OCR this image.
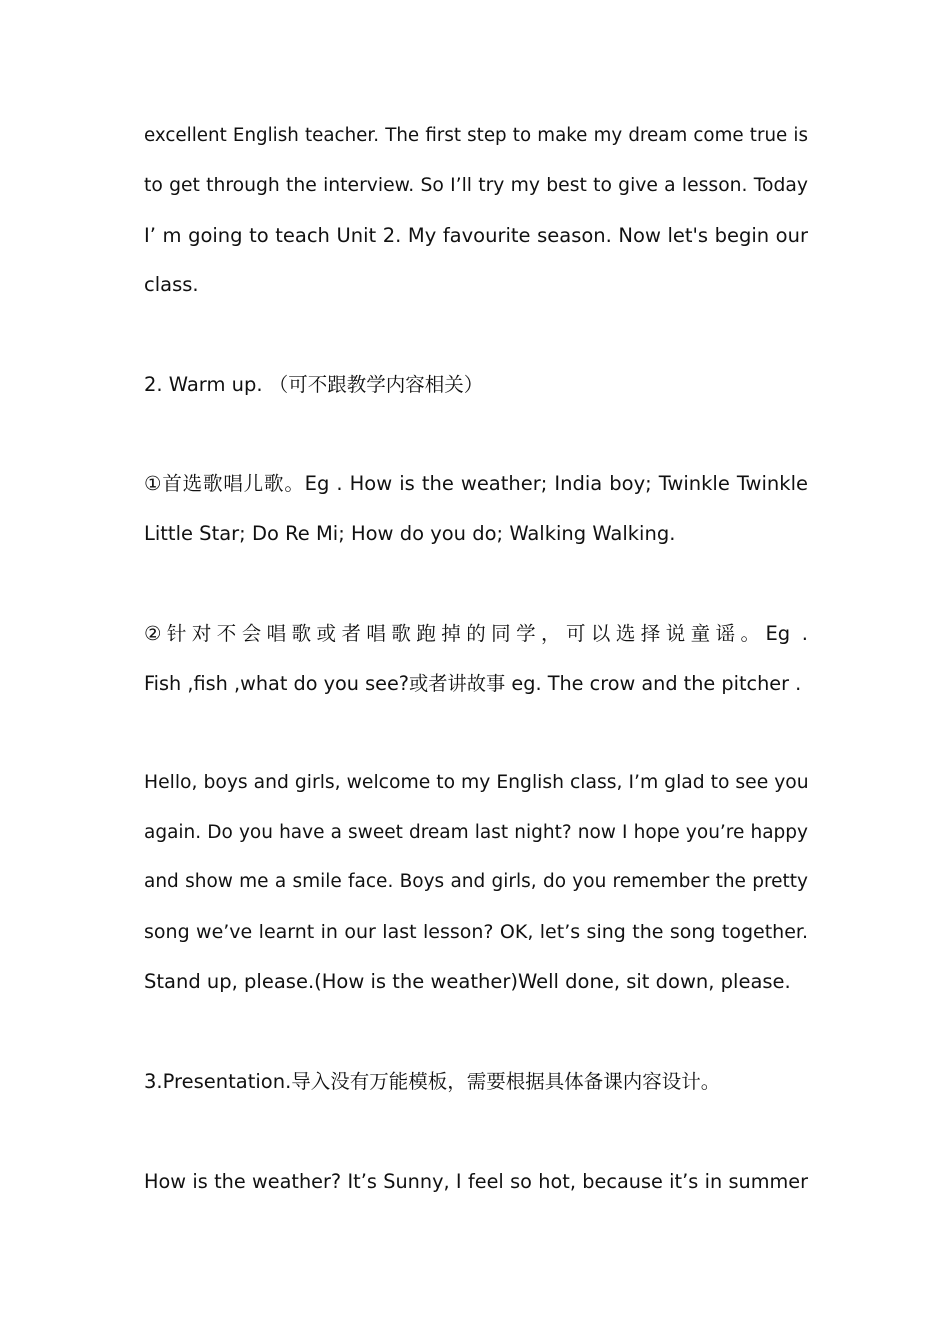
excellent English teacher. The first step to make my dream come true is
to get through the interview. So I’ll try my best to give a lesson. Today
I’ m going to teach Unit 2. My favourite season. Now let's begin our
class.
2. Warm up. （可不跟教学内容相关）
①首选歌唱儿歌。Eg . How is the weather; India boy; Twinkle Twinkle
Little Star; Do Re Mi; How do you do; Walking Walking.
②针对不会唱歌或者唱歌跑掉的同学，可以选择说童谣。Eg .
Fish ,fish ,what do you see?或者讲故事 eg. The crow and the pitcher .
Hello, boys and girls, welcome to my English class, I’m glad to see you
again. Do you have a sweet dream last night? now I hope you’re happy
and show me a smile face. Boys and girls, do you remember the pretty
song we’ve learnt in our last lesson? OK, let’s sing the song together.
Stand up, please.(How is the weather)Well done, sit down, please.
3.Presentation.导入没有万能模板，需要根据具体备课内容设计。
How is the weather? It’s Sunny, I feel so hot, because it’s in summer
